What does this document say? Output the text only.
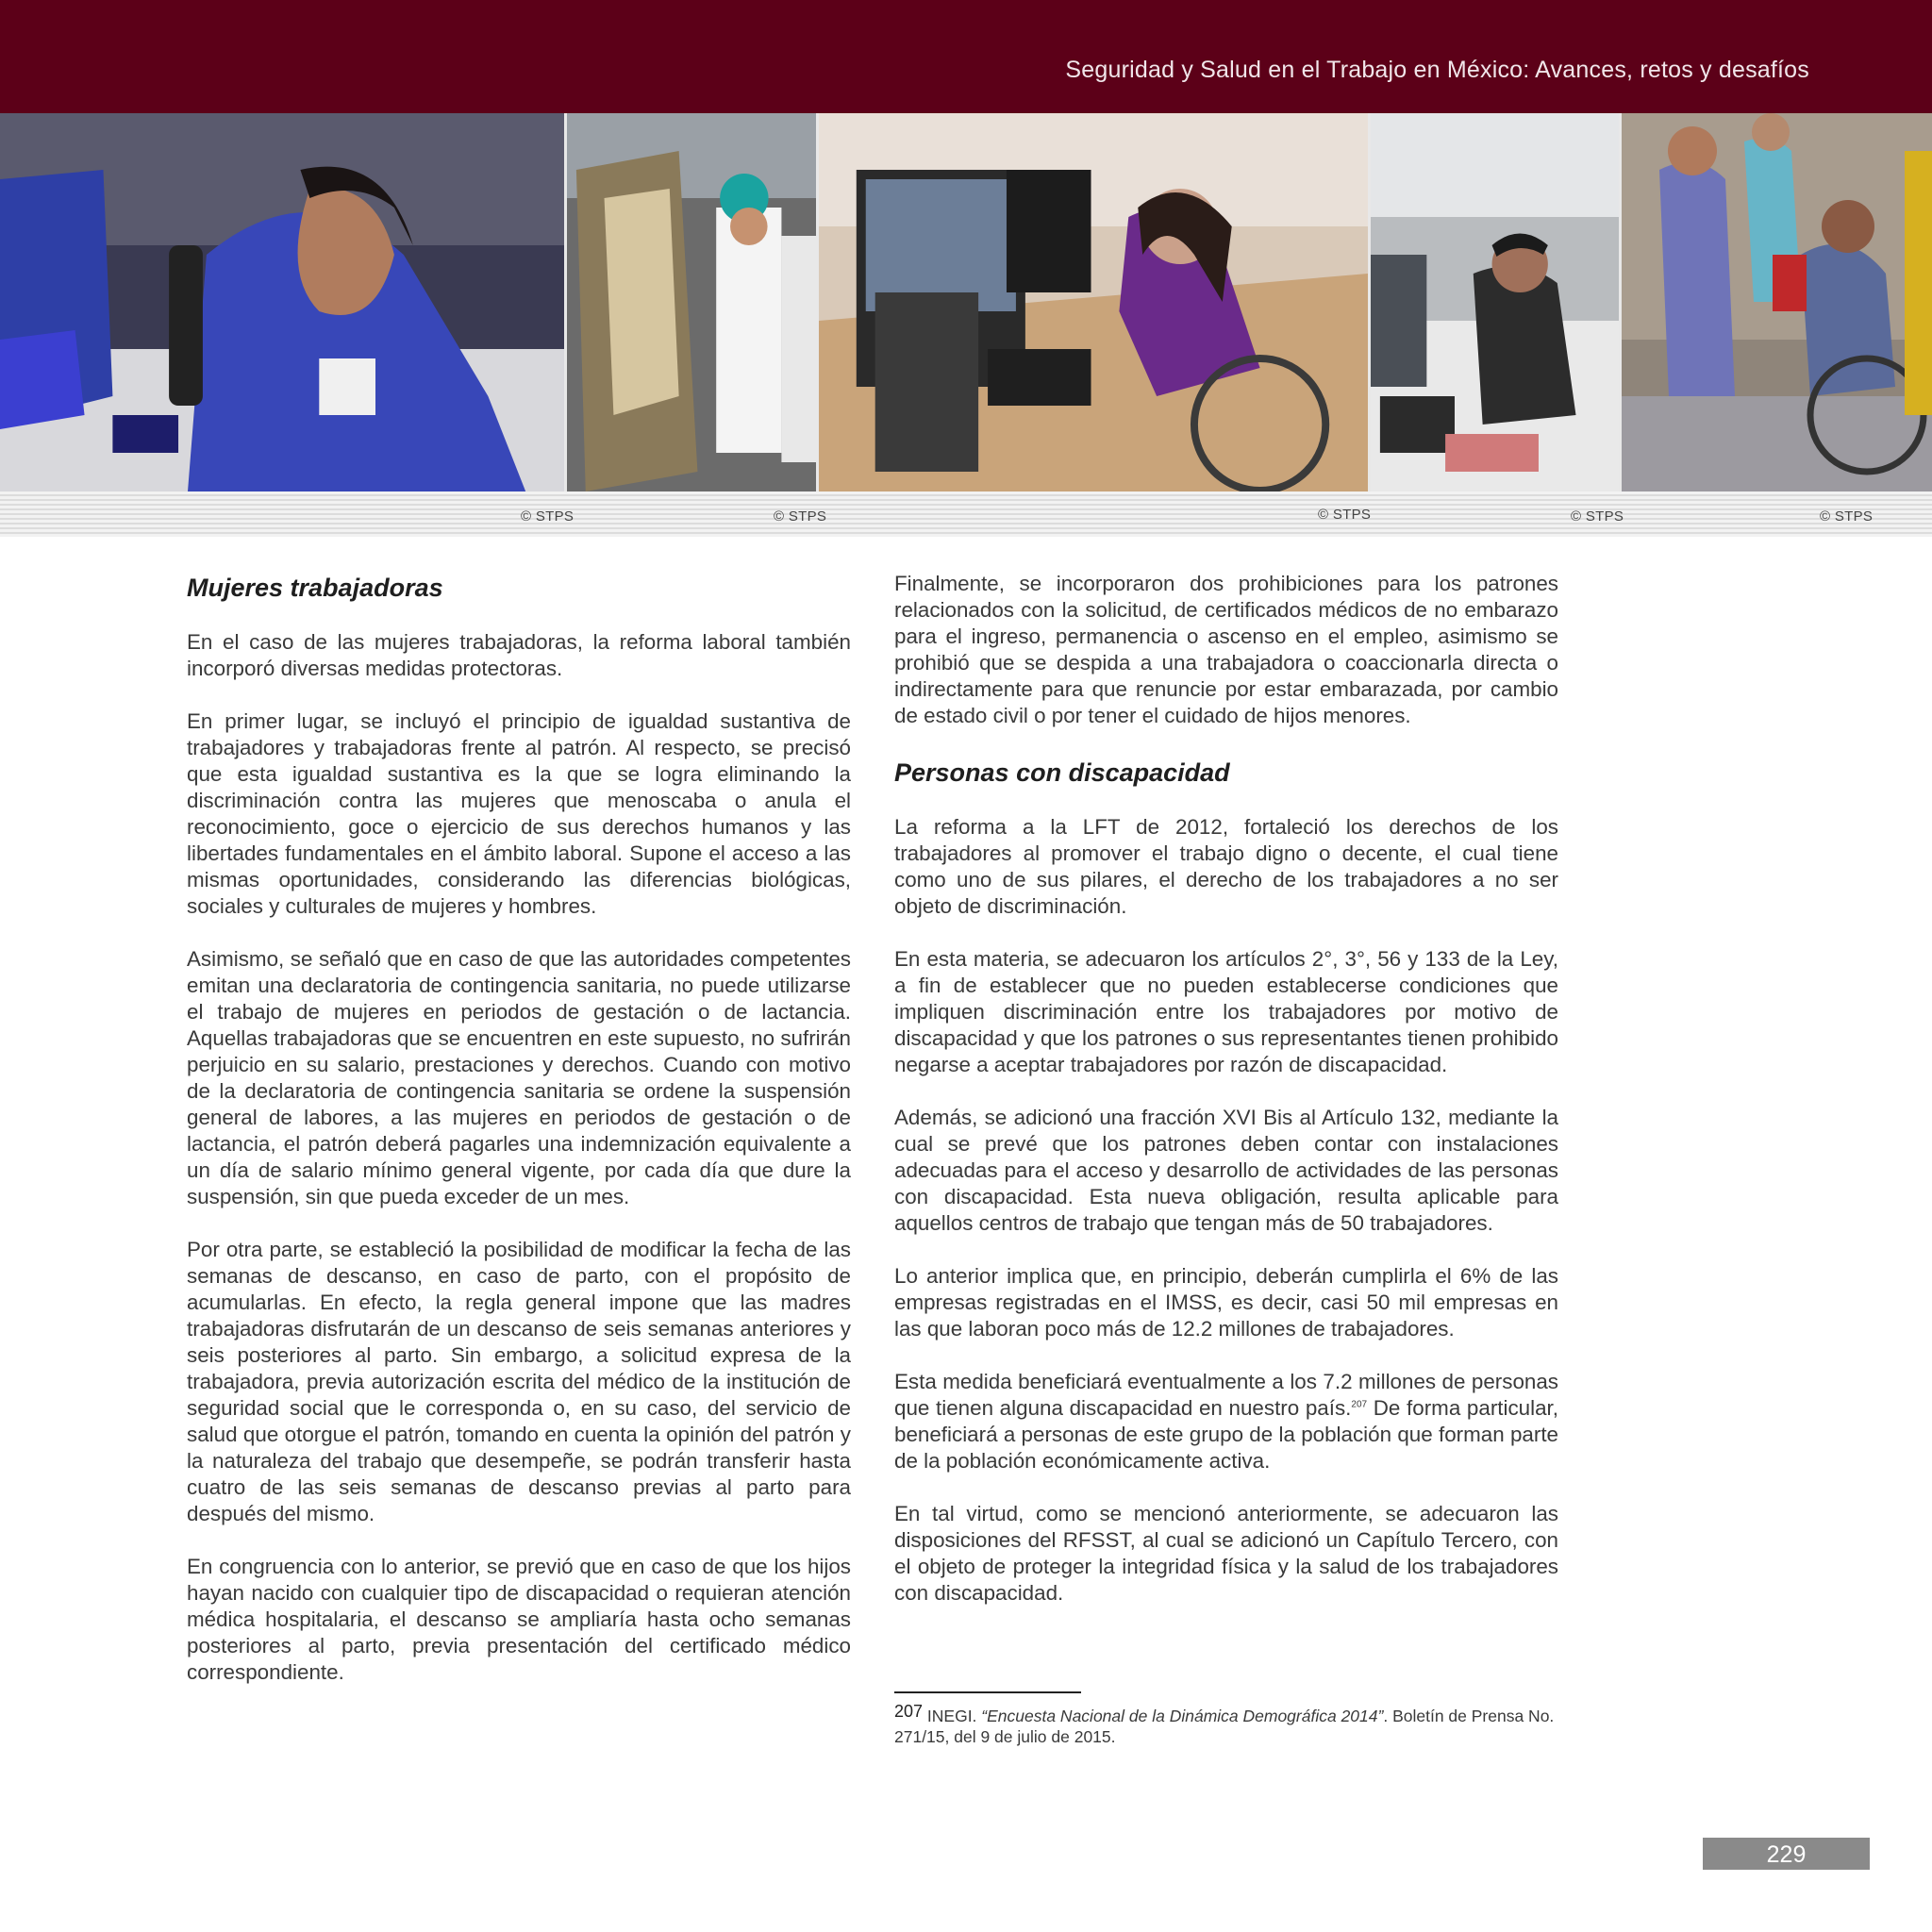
Seguridad y Salud en el Trabajo en México: Avances, retos y desafíos
© STPS	© STPS	© STPS	© STPS	© STPS
Mujeres trabajadoras

En el caso de las mujeres trabajadoras, la reforma laboral también incorporó diversas medidas protectoras.

En primer lugar, se incluyó el principio de igualdad sustantiva de trabajadores y trabajadoras frente al patrón. Al respecto, se precisó que esta igualdad sustantiva es la que se logra eliminando la discriminación contra las mujeres que menoscaba o anula el reconocimiento, goce o ejercicio de sus derechos humanos y las libertades fundamentales en el ámbito laboral. Supone el acceso a las mismas oportunidades, considerando las diferencias biológicas, sociales y culturales de mujeres y hombres.

Asimismo, se señaló que en caso de que las autoridades competentes emitan una declaratoria de contingencia sanitaria, no puede utilizarse el trabajo de mujeres en periodos de gestación o de lactancia. Aquellas trabajadoras que se encuentren en este supuesto, no sufrirán perjuicio en su salario, prestaciones y derechos. Cuando con motivo de la declaratoria de contingencia sanitaria se ordene la suspensión general de labores, a las mujeres en periodos de gestación o de lactancia, el patrón deberá pagarles una indemnización equivalente a un día de salario mínimo general vigente, por cada día que dure la suspensión, sin que pueda exceder de un mes.

Por otra parte, se estableció la posibilidad de modificar la fecha de las semanas de descanso, en caso de parto, con el propósito de acumularlas. En efecto, la regla general impone que las madres trabajadoras disfrutarán de un descanso de seis semanas anteriores y seis posteriores al parto. Sin embargo, a solicitud expresa de la trabajadora, previa autorización escrita del médico de la institución de seguridad social que le corresponda o, en su caso, del servicio de salud que otorgue el patrón, tomando en cuenta la opinión del patrón y la naturaleza del trabajo que desempeñe, se podrán transferir hasta cuatro de las seis semanas de descanso previas al parto para después del mismo.

En congruencia con lo anterior, se previó que en caso de que los hijos hayan nacido con cualquier tipo de discapacidad o requieran atención médica hospitalaria, el descanso se ampliaría hasta ocho semanas posteriores al parto, previa presentación del certificado médico correspondiente.

Finalmente, se incorporaron dos prohibiciones para los patrones relacionados con la solicitud, de certificados médicos de no embarazo para el ingreso, permanencia o ascenso en el empleo, asimismo se prohibió que se despida a una trabajadora o coaccionarla directa o indirectamente para que renuncie por estar embarazada, por cambio de estado civil o por tener el cuidado de hijos menores.

Personas con discapacidad

La reforma a la LFT de 2012, fortaleció los derechos de los trabajadores al promover el trabajo digno o decente, el cual tiene como uno de sus pilares, el derecho de los trabajadores a no ser objeto de discriminación.

En esta materia, se adecuaron los artículos 2°, 3°, 56 y 133 de la Ley, a fin de establecer que no pueden establecerse condiciones que impliquen discriminación entre los trabajadores por motivo de discapacidad y que los patrones o sus representantes tienen prohibido negarse a aceptar trabajadores por razón de discapacidad.

Además, se adicionó una fracción XVI Bis al Artículo 132, mediante la cual se prevé que los patrones deben contar con instalaciones adecuadas para el acceso y desarrollo de actividades de las personas con discapacidad. Esta nueva obligación, resulta aplicable para aquellos centros de trabajo que tengan más de 50 trabajadores.

Lo anterior implica que, en principio, deberán cumplirla el 6% de las empresas registradas en el IMSS, es decir, casi 50 mil empresas en las que laboran poco más de 12.2 millones de trabajadores.

Esta medida beneficiará eventualmente a los 7.2 millones de personas que tienen alguna discapacidad en nuestro país.$^{207}$ De forma particular, beneficiará a personas de este grupo de la población que forman parte de la población económicamente activa.

En tal virtud, como se mencionó anteriormente, se adecuaron las disposiciones del RFSST, al cual se adicionó un Capítulo Tercero, con el objeto de proteger la integridad física y la salud de los trabajadores con discapacidad.

207 INEGI. “Encuesta Nacional de la Dinámica Demográfica 2014”. Boletín de Prensa No. 271/15, del 9 de julio de 2015.
229
